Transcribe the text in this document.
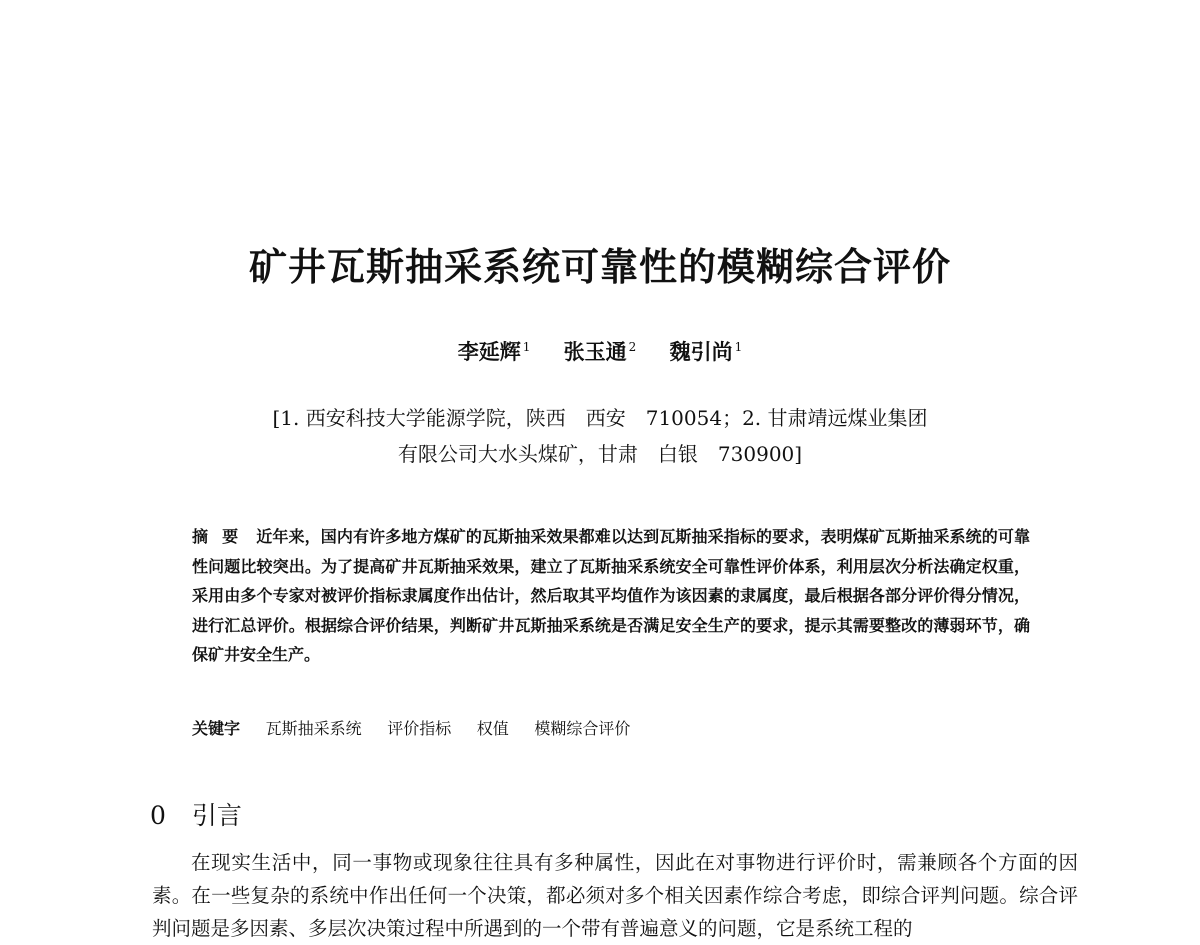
矿井瓦斯抽采系统可靠性的模糊综合评价
李延辉 $^1$ 张玉通 $^2$ 魏引尚 $^1$
[1. 西安科技大学能源学院，陕西　西安　710054；2. 甘肃靖远煤业集团
有限公司大水头煤矿，甘肃　白银　730900]
摘要 近年来，国内有许多地方煤矿的瓦斯抽采效果都难以达到瓦斯抽采指标的要求，表明煤矿瓦斯抽采系统的可靠性问题比较突出。为了提高矿井瓦斯抽采效果，建立了瓦斯抽采系统安全可靠性评价体系，利用层次分析法确定权重，采用由多个专家对被评价指标隶属度作出估计，然后取其平均值作为该因素的隶属度，最后根据各部分评价得分情况，进行汇总评价。根据综合评价结果，判断矿井瓦斯抽采系统是否满足安全生产的要求，提示其需要整改的薄弱环节，确保矿井安全生产。
关键字 瓦斯抽采系统 评价指标 权值 模糊综合评价
0 引言

在现实生活中，同一事物或现象往往具有多种属性，因此在对事物进行评价时，需兼顾各个方面的因素。在一些复杂的系统中作出任何一个决策，都必须对多个相关因素作综合考虑，即综合评判问题。综合评判问题是多因素、多层次决策过程中所遇到的一个带有普遍意义的问题，它是系统工程的
